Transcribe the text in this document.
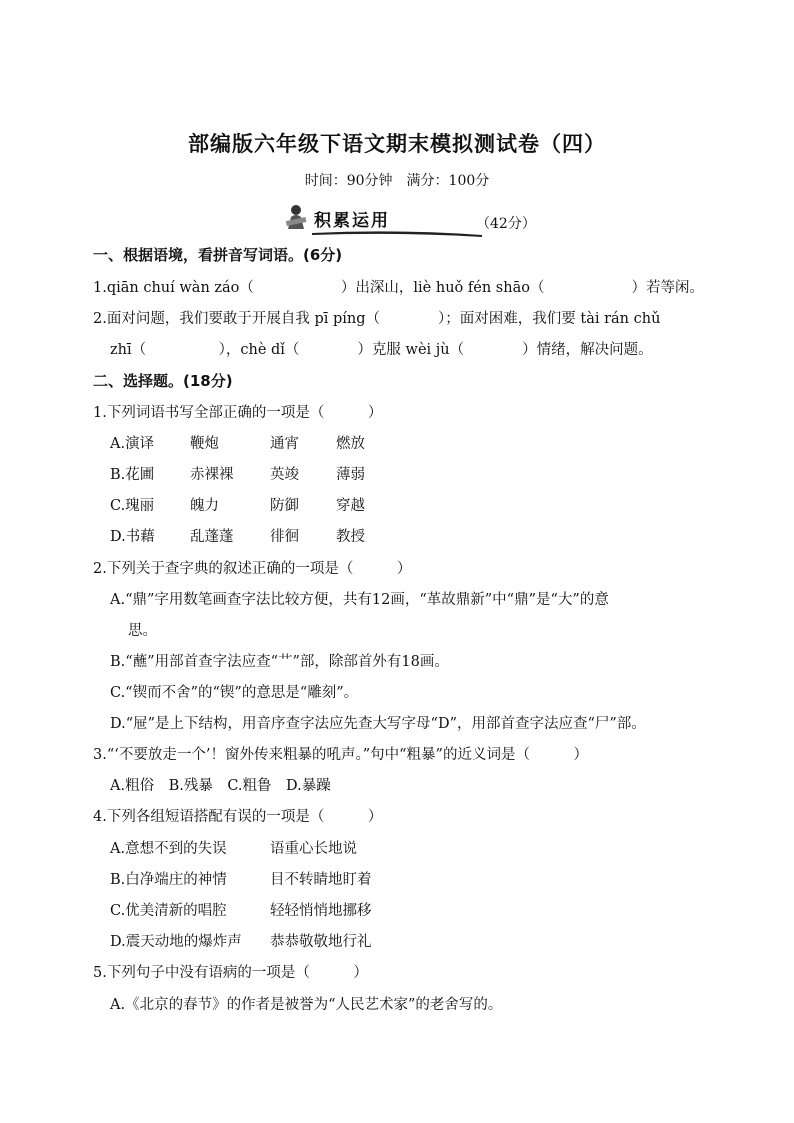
部编版六年级下语文期末模拟测试卷（四）
时间：90分钟　满分：100分
积累运用	（42分）
一、根据语境，看拼音写词语。(6分)
1.qiān chuí wàn záo（　　　　　　）出深山，liè huǒ fén shāo（　　　　　　）若等闲。
2.面对问题，我们要敢于开展自我 pī píng（　　　　）；面对困难，我们要 tài rán chǔ
zhī（　　　　　），chè dǐ（　　　　）克服 wèi jù（　　　　）情绪，解决问题。
二、选择题。(18分)
1.下列词语书写全部正确的一项是（　　　）
A.演译 鞭炮	通宵	燃放
B.花圃 赤裸裸	英竣	薄弱
C.瑰丽 魄力	防御	穿越
D.书藉 乱蓬蓬	徘徊	教授
2.下列关于查字典的叙述正确的一项是（　　　）
A.“鼎”字用数笔画查字法比较方便，共有12画，“革故鼎新”中“鼎”是“大”的意
思。
B.“蘸”用部首查字法应查“艹”部，除部首外有18画。
C.“锲而不舍”的“锲”的意思是“雕刻”。
D.“屉”是上下结构，用音序查字法应先查大写字母“D”，用部首查字法应查“尸”部。
3.“‘不要放走一个’！窗外传来粗暴的吼声。”句中“粗暴”的近义词是（　　　）
A.粗俗　B.残暴　C.粗鲁　D.暴躁
4.下列各组短语搭配有误的一项是（　　　）
A.意想不到的失误	语重心长地说
B.白净端庄的神情	目不转睛地盯着
C.优美清新的唱腔	轻轻悄悄地挪移
D.震天动地的爆炸声 恭恭敬敬地行礼
5.下列句子中没有语病的一项是（　　　）
A.《北京的春节》的作者是被誉为“人民艺术家”的老舍写的。
